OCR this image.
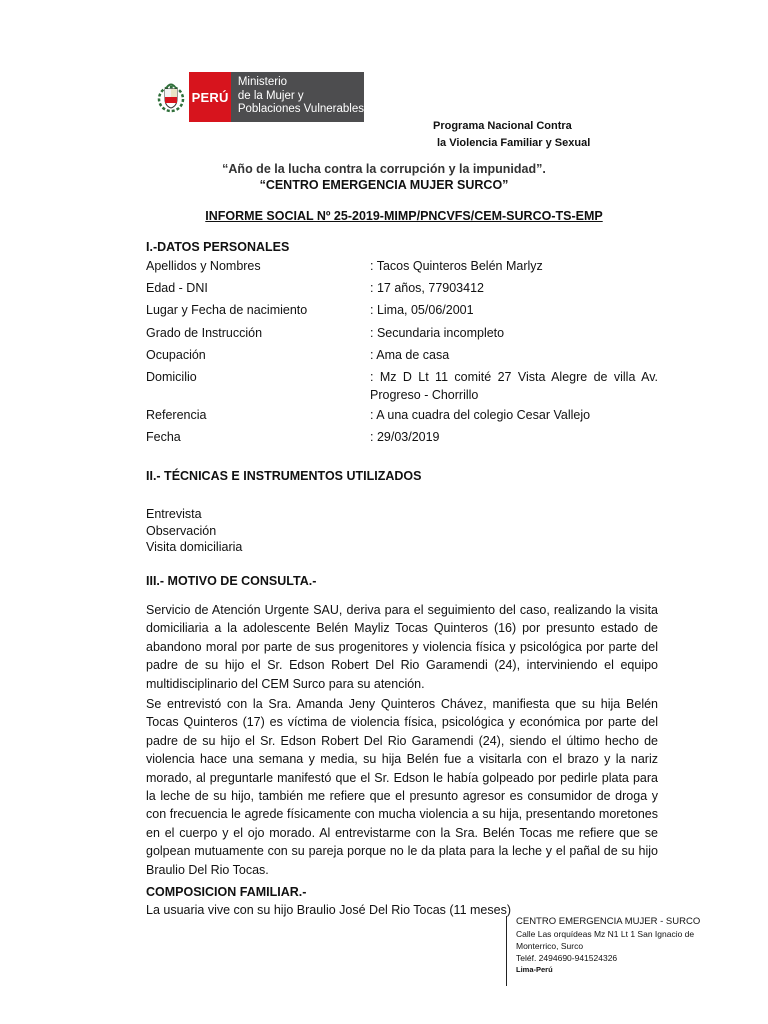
PERÚ
Ministerio
de la Mujer y
Poblaciones Vulnerables
Programa Nacional Contra
la Violencia Familiar y Sexual
“Año de la lucha contra la corrupción y la impunidad”.
“CENTRO EMERGENCIA MUJER SURCO”
INFORME SOCIAL Nº 25-2019-MIMP/PNCVFS/CEM-SURCO-TS-EMP
I.-DATOS PERSONALES
Apellidos y Nombres	: Tacos Quinteros Belén Marlyz
Edad - DNI	: 17 años, 77903412
Lugar y Fecha de nacimiento	: Lima, 05/06/2001
Grado de Instrucción	: Secundaria incompleto
Ocupación	: Ama de casa
Domicilio	: Mz D Lt 11 comité 27 Vista Alegre de villa Av. Progreso - Chorrillo
Referencia	: A una cuadra del colegio Cesar Vallejo
Fecha	: 29/03/2019
II.- TÉCNICAS E INSTRUMENTOS UTILIZADOS
Entrevista
Observación
Visita domiciliaria
III.- MOTIVO DE CONSULTA.-
Servicio de Atención Urgente SAU, deriva para el seguimiento del caso, realizando la visita domiciliaria a la adolescente Belén Mayliz Tocas Quinteros (16) por presunto estado de abandono moral por parte de sus progenitores y violencia física y psicológica por parte del padre de su hijo el Sr. Edson Robert Del Rio Garamendi (24), interviniendo el equipo multidisciplinario del CEM Surco para su atención.
Se entrevistó con la Sra. Amanda Jeny Quinteros Chávez, manifiesta que su hija Belén Tocas Quinteros (17) es víctima de violencia física, psicológica y económica por parte del padre de su hijo el Sr. Edson Robert Del Rio Garamendi (24), siendo el último hecho de violencia hace una semana y media, su hija Belén fue a visitarla con el brazo y la nariz morado, al preguntarle manifestó que el Sr. Edson le había golpeado por pedirle plata para la leche de su hijo, también me refiere que el presunto agresor es consumidor de droga y con frecuencia le agrede físicamente con mucha violencia a su hija, presentando moretones en el cuerpo y el ojo morado. Al entrevistarme con la Sra. Belén Tocas me refiere que se golpean mutuamente con su pareja porque no le da plata para la leche y el pañal de su hijo Braulio Del Rio Tocas.
COMPOSICION FAMILIAR.-
La usuaria vive con su hijo Braulio José Del Rio Tocas (11 meses)
CENTRO EMERGENCIA MUJER - SURCO
Calle Las orquídeas Mz N1 Lt 1 San Ignacio de
Monterrico, Surco
Teléf. 2494690-941524326
Lima-Perú
